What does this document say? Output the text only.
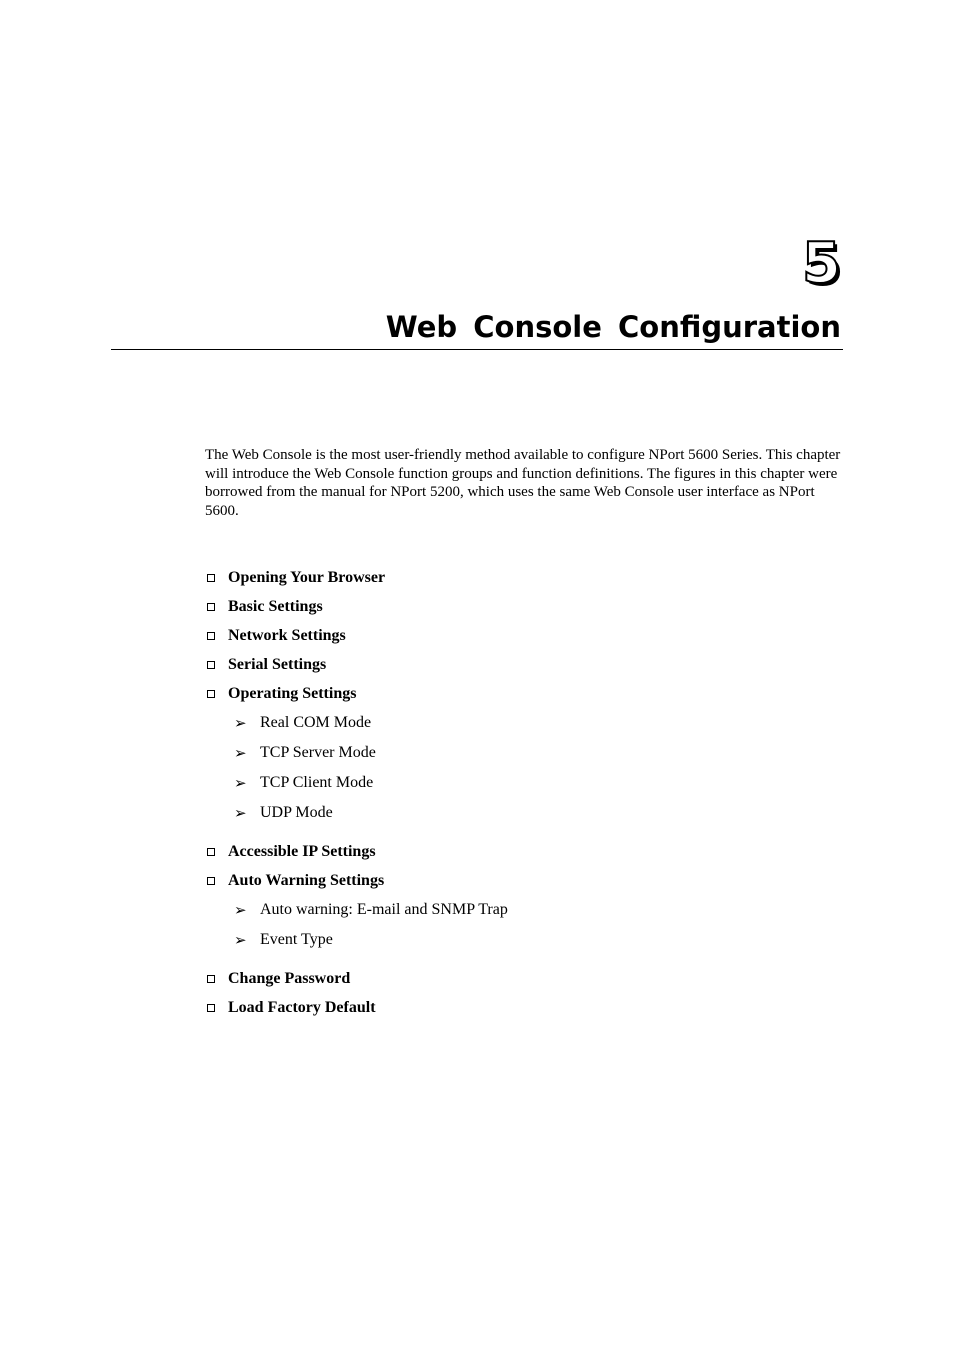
5
Web Console Configuration

The Web Console is the most user-friendly method available to configure NPort 5600 Series. This chapter will introduce the Web Console function groups and function definitions. The figures in this chapter were borrowed from the manual for NPort 5200, which uses the same Web Console user interface as NPort 5600.

Opening Your Browser
Basic Settings
Network Settings
Serial Settings
Operating Settings
➢ Real COM Mode
➢ TCP Server Mode
➢ TCP Client Mode
➢ UDP Mode
Accessible IP Settings
Auto Warning Settings
➢ Auto warning: E-mail and SNMP Trap
➢ Event Type
Change Password
Load Factory Default
